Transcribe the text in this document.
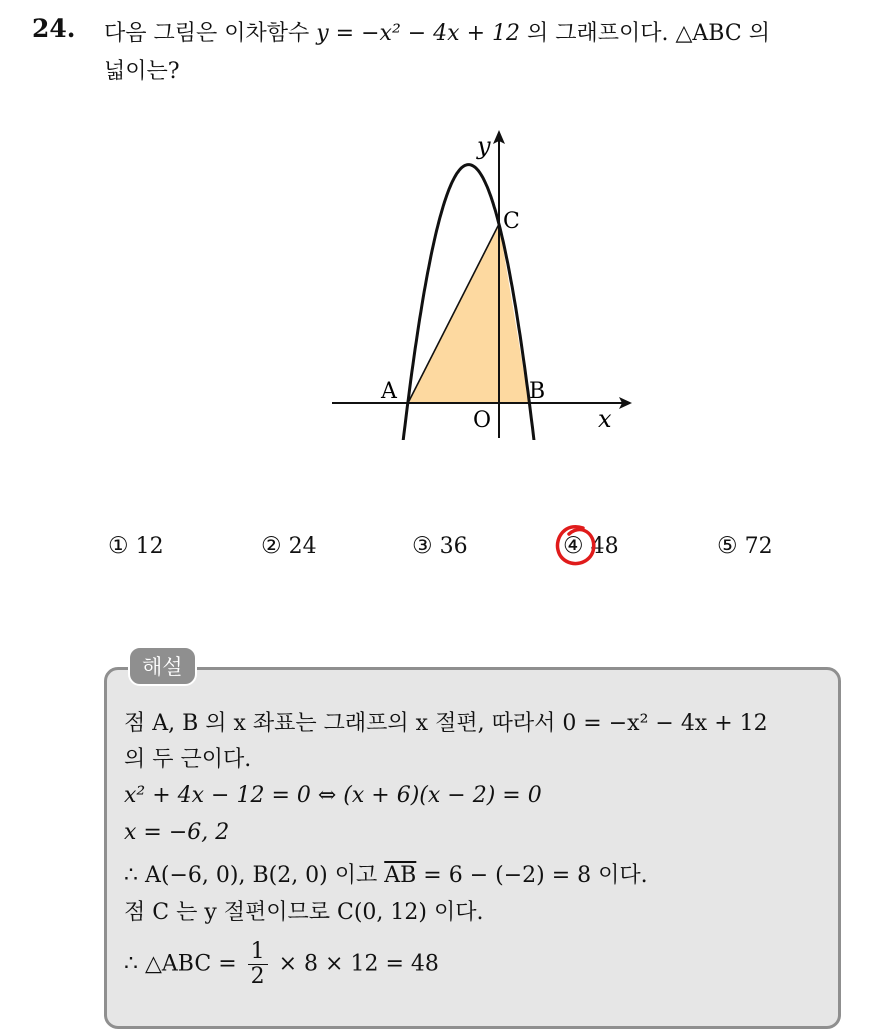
24. 다음 그림은 이차함수 y = −x² − 4x + 12 의 그래프이다. △ABC 의
넓이는?
y
x
A	B
C
O
① 12	② 24	③ 36	④ 48	⑤ 72
해설
점 A, B 의 x 좌표는 그래프의 x 절편, 따라서 0 = −x² − 4x + 12
의 두 근이다.
x² + 4x − 12 = 0 ⇔ (x + 6)(x − 2) = 0
x = −6, 2
∴ A(−6, 0), B(2, 0) 이고 $\overline{AB} = 6 - (-2) = 8$ 이다.
점 C 는 y 절편이므로 C(0, 12) 이다.
∴ △ABC = $\frac{1}{2} \times 8 \times 12 = 48$
